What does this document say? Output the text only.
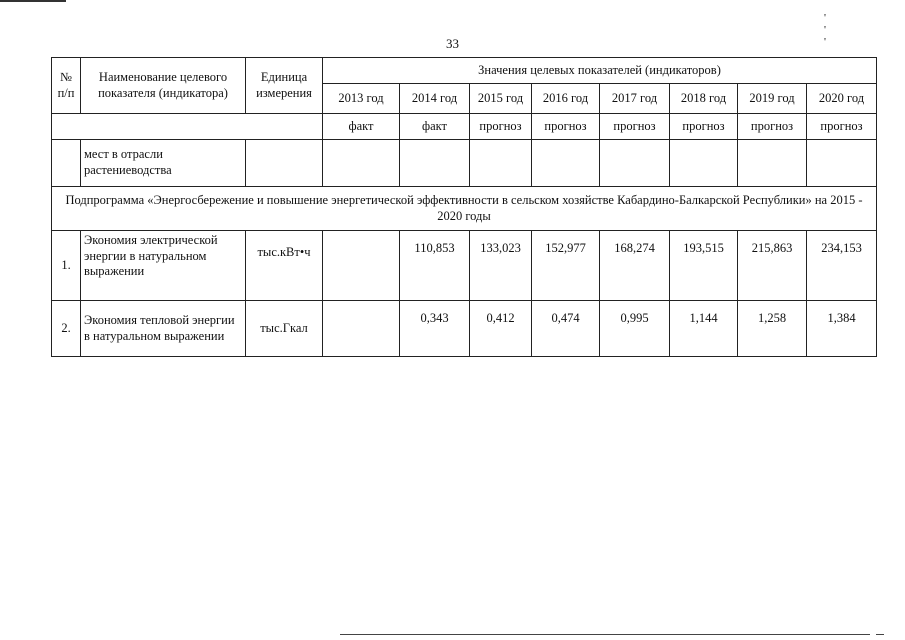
' ' '
33
№ п/п	Наименование целевого показателя (индикатора)	Единица измерения	Значения целевых показателей (индикаторов)							
			2013 год	2014 год	2015 год	2016 год	2017 год	2018 год	2019 год	2020 год
			факт	факт	прогноз	прогноз	прогноз	прогноз	прогноз	прогноз
	мест в отрасли растениеводства									
Подпрограмма «Энергосбережение и повышение энергетической эффективности в сельском хозяйстве Кабардино-Балкарской Республики» на 2015 - 2020 годы										
1.	Экономия электрической энергии в натуральном выражении	тыс.кВт•ч		110,853	133,023	152,977	168,274	193,515	215,863	234,153
2.	Экономия тепловой энергии в натуральном выражении	тыс.Гкал		0,343	0,412	0,474	0,995	1,144	1,258	1,384
